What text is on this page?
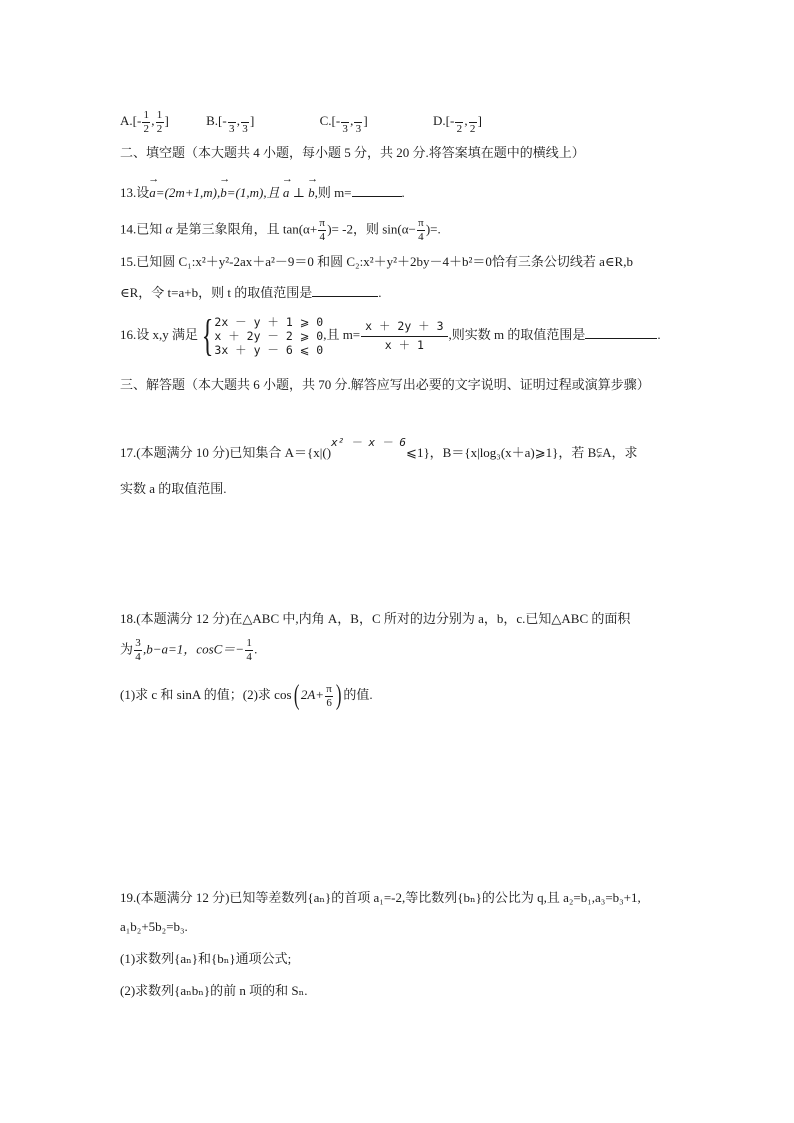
$A.[- \frac{1}{2}$ , $\frac{1}{2}$ ]	B.[-
3
,
3
]	C.[-
3
,
3
]	D.[-
2
,
2
]
二、填空题（本大题共 4 小题，每小题 5 分，共 20 分.将答案填在题中的横线上）
13.设→ a=(2m+1,m),→ b=(1,m),且 → a ⊥ → b,则 m=	.
14.已知 α 是第三象限角，且 $\tan(\alpha+ \frac{\pi}{4}$ )= -2，则 $\sin(\alpha- \frac{\pi}{4}$ )=.
15.已知圆 C₁:x²＋y²-2ax＋a²－9＝0 和圆 C₂:x²＋y²＋2by－4＋b²＝0恰有三条公切线若 a∈R,b
∈R，令 t=a+b，则 t 的取值范围是	.
16.设 x,y 满足 { 2x － y ＋ 1 ⩾ 0
x ＋ 2y － 2 ⩾ 0
3x ＋ y － 6 ⩽ 0
,且 $m= \frac{x + 2y + 3}{x + 1}$ ,则实数 m 的取值范围是	.
三、解答题（本大题共 6 小题，共 70 分.解答应写出必要的文字说明、证明过程或演算步骤）
17.(本题满分 10 分)已知集合 A＝{x|()$^{x^2 - x - 6}$⩽1}，B＝{x|log₃(x＋a)⩾1}，若 B⫋A，求
实数 a 的取值范围.
18.(本题满分 12 分)在△ABC 中,内角 A，B，C 所对的边分别为 a，b，c.已知△ABC 的面积
为 $\frac{3}{4} ,b-a=1$，$\cos C=- \frac{1}{4}$ .
(1)求 c 和 sinA 的值；(2)求 cos( $2A+ \frac{\pi}{6}$ ) 的值.
19.(本题满分 12 分)已知等差数列{aₙ}的首项 a₁=-2,等比数列{bₙ}的公比为 q,且 a₂=b₁,a₃=b₃+1,
a₁b₂+5b₂=b₃.
(1)求数列{aₙ}和{bₙ}通项公式;
(2)求数列{aₙbₙ}的前 n 项的和 Sₙ.
